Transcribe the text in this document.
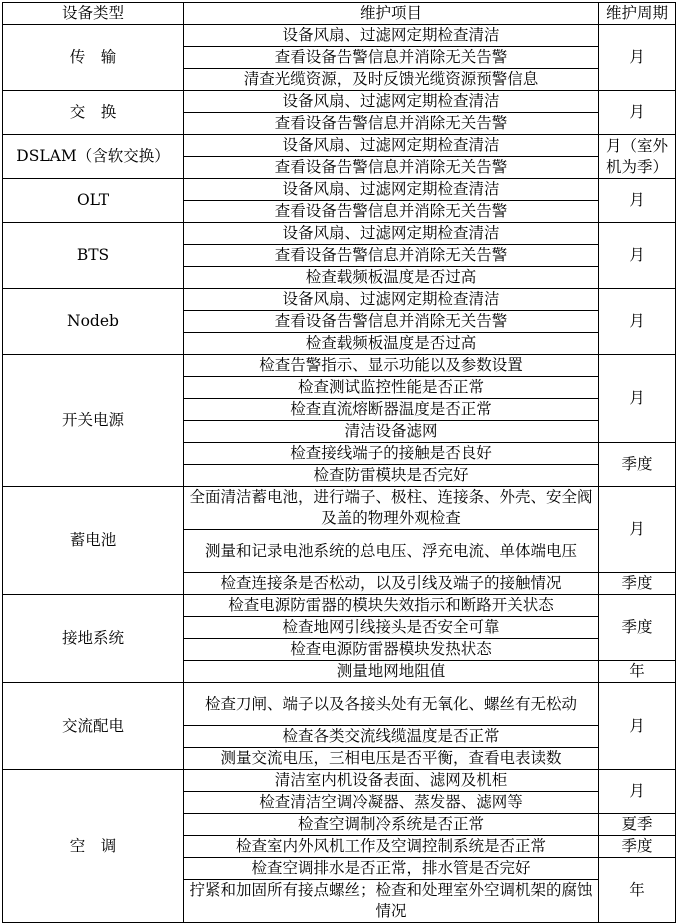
设备类型	维护项目	维护周期
传　输	设备风扇、过滤网定期检查清洁	月
	查看设备告警信息并消除无关告警	
	清查光缆资源，及时反馈光缆资源预警信息	
交　换	设备风扇、过滤网定期检查清洁	月
	查看设备告警信息并消除无关告警	
DSLAM（含软交换）	设备风扇、过滤网定期检查清洁	月（室外机为季）
	查看设备告警信息并消除无关告警	
OLT	设备风扇、过滤网定期检查清洁	月
	查看设备告警信息并消除无关告警	
BTS	设备风扇、过滤网定期检查清洁	月
	查看设备告警信息并消除无关告警	
	检查载频板温度是否过高	
Nodeb	设备风扇、过滤网定期检查清洁	月
	查看设备告警信息并消除无关告警	
	检查载频板温度是否过高	
开关电源	检查告警指示、显示功能以及参数设置	月
	检查测试监控性能是否正常	
	检查直流熔断器温度是否正常	
	清洁设备滤网	
	检查接线端子的接触是否良好	季度
	检查防雷模块是否完好	
蓄电池	全面清洁蓄电池，进行端子、极柱、连接条、外壳、安全阀及盖的物理外观检查	月
	测量和记录电池系统的总电压、浮充电流、单体端电压	
	检查连接条是否松动，以及引线及端子的接触情况	季度
接地系统	检查电源防雷器的模块失效指示和断路开关状态	季度
	检查地网引线接头是否安全可靠	
	检查电源防雷器模块发热状态	
	测量地网地阻值	年
交流配电	检查刀闸、端子以及各接头处有无氧化、螺丝有无松动	月
	检查各类交流线缆温度是否正常	
	测量交流电压，三相电压是否平衡，查看电表读数	
空　调	清洁室内机设备表面、滤网及机柜	月
	检查清洁空调冷凝器、蒸发器、滤网等	
	检查空调制冷系统是否正常	夏季
	检查室内外风机工作及空调控制系统是否正常	季度
	检查空调排水是否正常，排水管是否完好	年
	拧紧和加固所有接点螺丝；检查和处理室外空调机架的腐蚀情况	
